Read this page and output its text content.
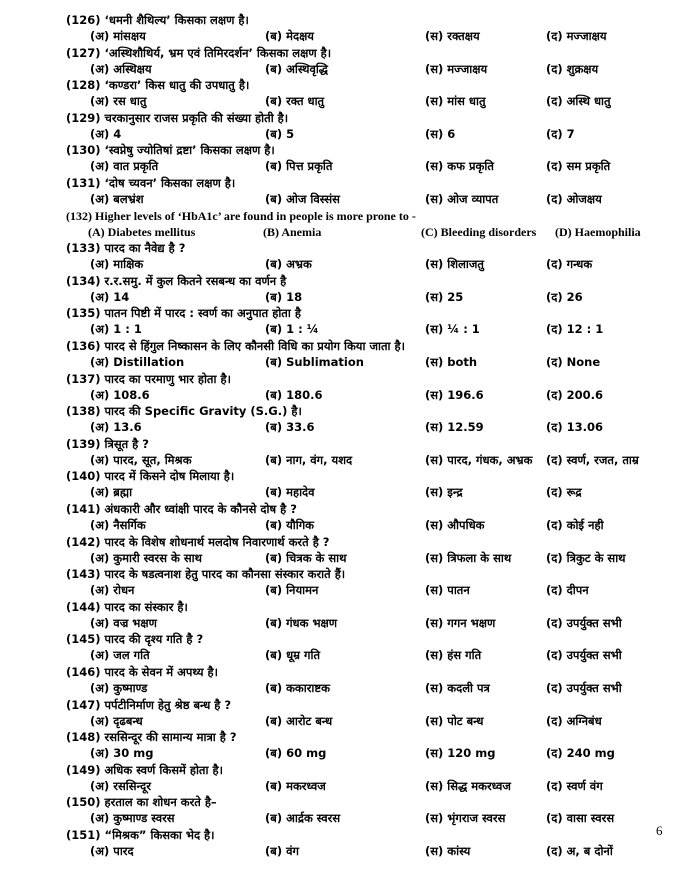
(126) ‘धमनी शैथिल्य’ किसका लक्षण है।
(अ) मांसक्षय	(ब) मेदक्षय	(स) रक्तक्षय	(द) मज्जाक्षय
(127) ‘अस्थिशौथिर्य, भ्रम एवं तिमिरदर्शन’ किसका लक्षण है।
(अ) अस्थिक्षय	(ब) अस्थिवृद्धि	(स) मज्जाक्षय	(द) शुक्रक्षय
(128) ‘कण्डरा’ किस धातु की उपधातु है।
(अ) रस धातु	(ब) रक्त धातु	(स) मांस धातु	(द) अस्थि धातु
(129) चरकानुसार राजस प्रकृति की संख्या होती है।
(अ) 4	(ब) 5	(स) 6	(द) 7
(130) ‘स्वप्नेषु ज्योतिषां द्रष्टा’ किसका लक्षण है।
(अ) वात प्रकृति	(ब) पित्त प्रकृति	(स) कफ प्रकृति	(द) सम प्रकृति
(131) ‘दोष च्यवन’ किसका लक्षण है।
(अ) बलभ्रंश	(ब) ओज विस्संस	(स) ओज व्यापत	(द) ओजक्षय
(132) Higher levels of ‘HbA1c’ are found in people is more prone to -
(A) Diabetes mellitus	(B) Anemia	(C) Bleeding disorders (D) Haemophilia
(133) पारद का नैवेद्य है ?
(अ) माक्षिक	(ब) अभ्रक	(स) शिलाजतु	(द) गन्धक
(134) र.र.समु. में कुल कितने रसबन्ध का वर्णन है
(अ) 14	(ब) 18	(स) 25	(द) 26
(135) पातन पिष्टी में पारद : स्वर्ण का अनुपात होता है
(अ) 1 : 1	(ब) 1 : ¼	(स) ¼ : 1	(द) 12 : 1
(136) पारद से हिंगुल निष्कासन के लिए कौनसी विधि का प्रयोग किया जाता है।
(अ) Distillation	(ब) Sublimation	(स) both	(द) None
(137) पारद का परमाणु भार होता है।
(अ) 108.6	(ब) 180.6	(स) 196.6	(द) 200.6
(138) पारद की Specific Gravity (S.G.) है।
(अ) 13.6	(ब) 33.6	(स) 12.59	(द) 13.06
(139) त्रिसूत है ?
(अ) पारद, सूत, मिश्रक	(ब) नाग, वंग, यशद	(स) पारद, गंधक, अभ्रक (द) स्वर्ण, रजत, ताम्र
(140) पारद में किसने दोष मिलाया है।
(अ) ब्रह्मा	(ब) महादेव	(स) इन्द्र	(द) रूद्र
(141) अंधकारी और ध्वांक्षी पारद के कौनसे दोष है ?
(अ) नैसर्गिक	(ब) यौगिक	(स) औपधिक	(द) कोई नही
(142) पारद के विशेष शोधनार्थ मलदोष निवारणार्थ करते है ?
(अ) कुमारी स्वरस के साथ	(ब) चित्रक के साथ	(स) त्रिफला के साथ	(द) त्रिकुट के साथ
(143) पारद के षडत्वनाश हेतु पारद का कौनसा संस्कार कराते हैं।
(अ) रोधन	(ब) नियामन	(स) पातन	(द) दीपन
(144) पारद का संस्कार है।
(अ) वज्र भक्षण	(ब) गंधक भक्षण	(स) गगन भक्षण	(द) उपर्युक्त सभी
(145) पारद की दृश्य गति है ?
(अ) जल गति	(ब) धूम्र गति	(स) हंस गति	(द) उपर्युक्त सभी
(146) पारद के सेवन में अपथ्य है।
(अ) कुष्माण्ड	(ब) ककाराष्टक	(स) कदली पत्र	(द) उपर्युक्त सभी
(147) पर्पटीनिर्माण हेतु श्रेष्ठ बन्ध है ?
(अ) दृढबन्ध	(ब) आरोट बन्ध	(स) पोट बन्ध	(द) अग्निबंध
(148) रससिन्दूर की सामान्य मात्रा है ?
(अ) 30 mg	(ब) 60 mg	(स) 120 mg	(द) 240 mg
(149) अधिक स्वर्ण किसमें होता है।
(अ) रससिन्दूर	(ब) मकरध्वज	(स) सिद्ध मकरध्वज	(द) स्वर्ण वंग
(150) हरताल का शोधन करते है–
(अ) कुष्माण्ड स्वरस	(ब) आर्द्रक स्वरस	(स) भृंगराज स्वरस	(द) वासा स्वरस
(151) “मिश्रक” किसका भेद है।
(अ) पारद	(ब) वंग	(स) कांस्य	(द) अ, ब दोनों
6
